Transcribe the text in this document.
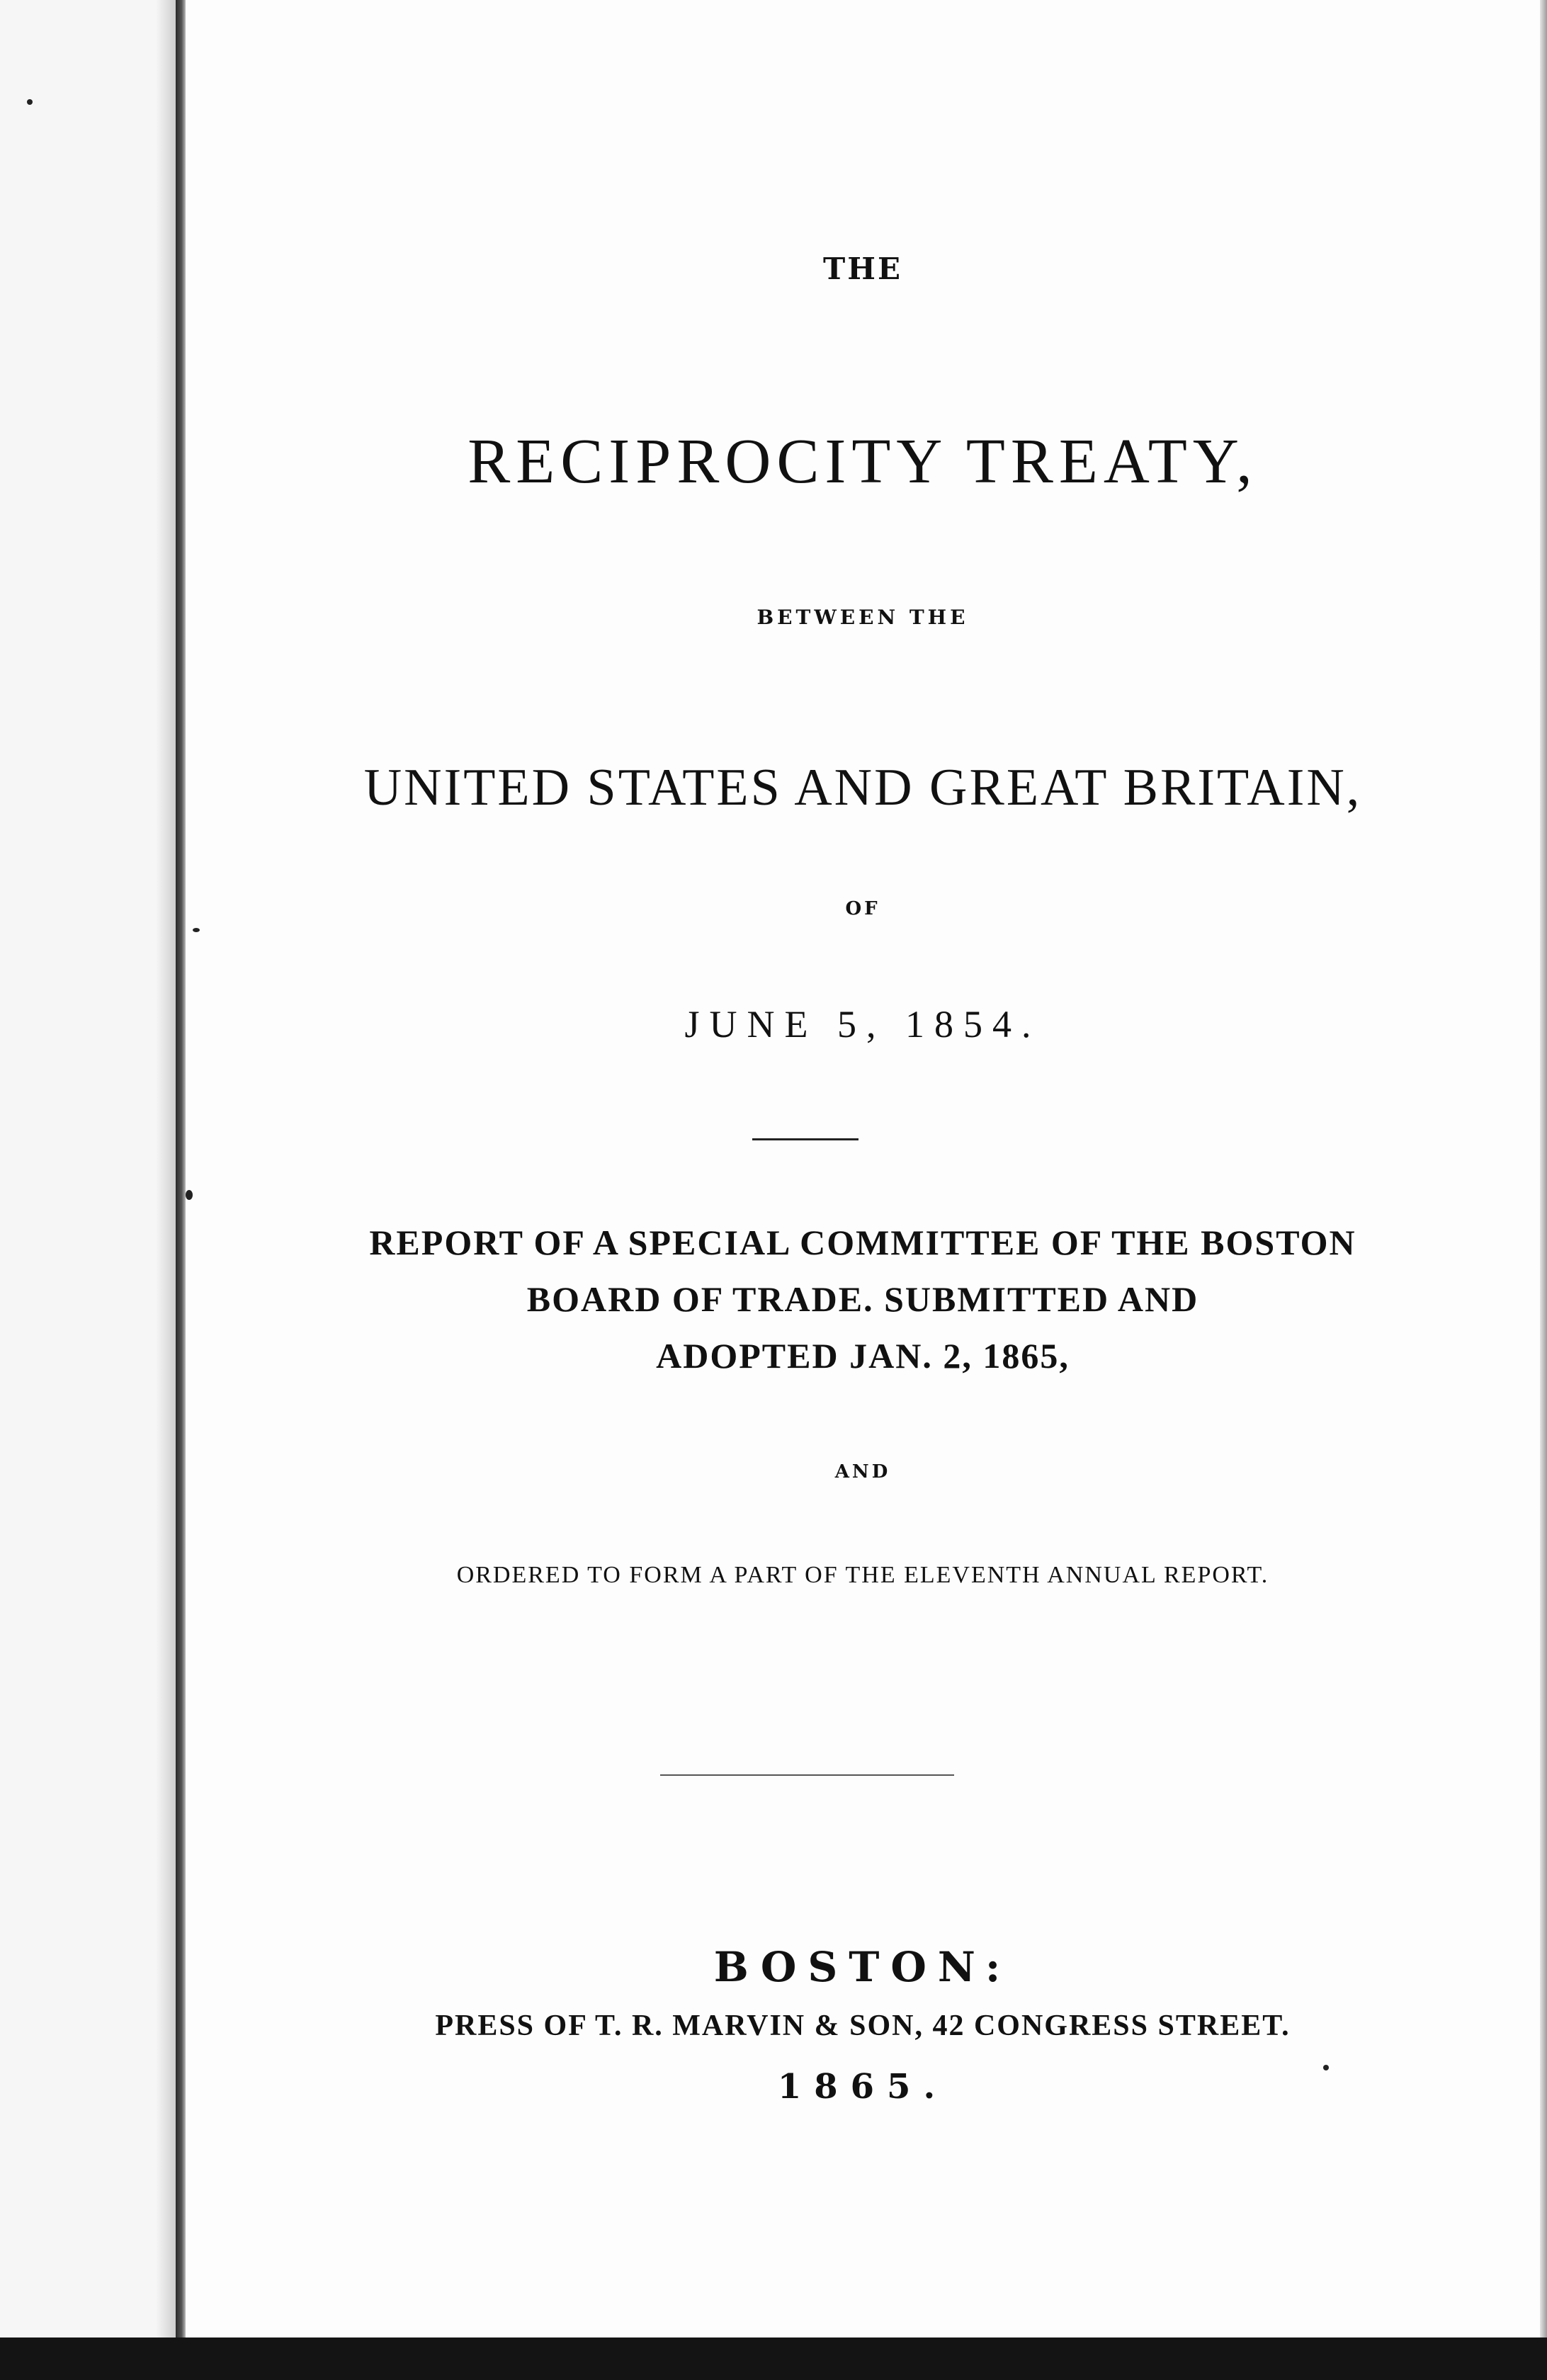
THE
RECIPROCITY TREATY,
BETWEEN THE
UNITED STATES AND GREAT BRITAIN,
OF
JUNE 5, 1854.
REPORT OF A SPECIAL COMMITTEE OF THE BOSTON
BOARD OF TRADE. SUBMITTED AND
ADOPTED JAN. 2, 1865,
AND
ORDERED TO FORM A PART OF THE ELEVENTH ANNUAL REPORT.
BOSTON:
PRESS OF T. R. MARVIN & SON, 42 CONGRESS STREET.
1865.
